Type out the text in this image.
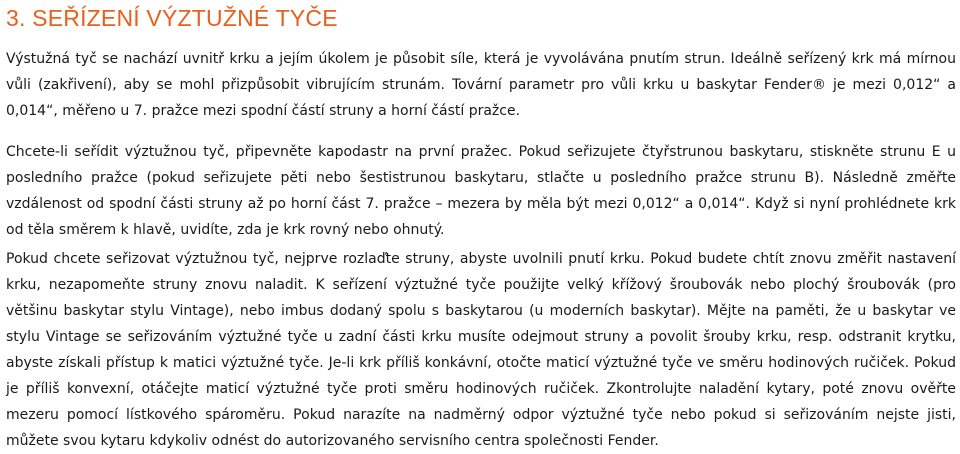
3. SEŘÍZENÍ VÝZTUŽNÉ TYČE

Výstužná tyč se nachází uvnitř krku a jejím úkolem je působit síle, která je vyvolávána pnutím strun. Ideálně seřízený krk má mírnou vůli (zakřivení), aby se mohl přizpůsobit vibrujícím strunám. Tovární parametr pro vůli krku u baskytar Fender® je mezi 0,012“ a 0,014“, měřeno u 7. pražce mezi spodní částí struny a horní částí pražce.

Chcete-li seřídit výztužnou tyč, připevněte kapodastr na první pražec. Pokud seřizujete čtyřstrunou baskytaru, stiskněte strunu E u posledního pražce (pokud seřizujete pěti nebo šestistrunou baskytaru, stlačte u posledního pražce strunu B). Následně změřte vzdálenost od spodní části struny až po horní část 7. pražce – mezera by měla být mezi 0,012“ a 0,014“. Když si nyní prohlédnete krk od těla směrem k hlavě, uvidíte, zda je krk rovný nebo ohnutý.

Pokud chcete seřizovat výztužnou tyč, nejprve rozlaďte struny, abyste uvolnili pnutí krku. Pokud budete chtít znovu změřit nastavení krku, nezapomeňte struny znovu naladit. K seřízení výztužné tyče použijte velký křížový šroubovák nebo plochý šroubovák (pro většinu baskytar stylu Vintage), nebo imbus dodaný spolu s baskytarou (u moderních baskytar). Mějte na paměti, že u baskytar ve stylu Vintage se seřizováním výztužné tyče u zadní části krku musíte odejmout struny a povolit šrouby krku, resp. odstranit krytku, abyste získali přístup k matici výztužné tyče. Je-li krk příliš konkávní, otočte maticí výztužné tyče ve směru hodinových ručiček. Pokud je příliš konvexní, otáčejte maticí výztužné tyče proti směru hodinových ručiček. Zkontrolujte naladění kytary, poté znovu ověřte mezeru pomocí lístkového spároměru. Pokud narazíte na nadměrný odpor výztužné tyče nebo pokud si seřizováním nejste jisti, můžete svou kytaru kdykoliv odnést do autorizovaného servisního centra společnosti Fender.
